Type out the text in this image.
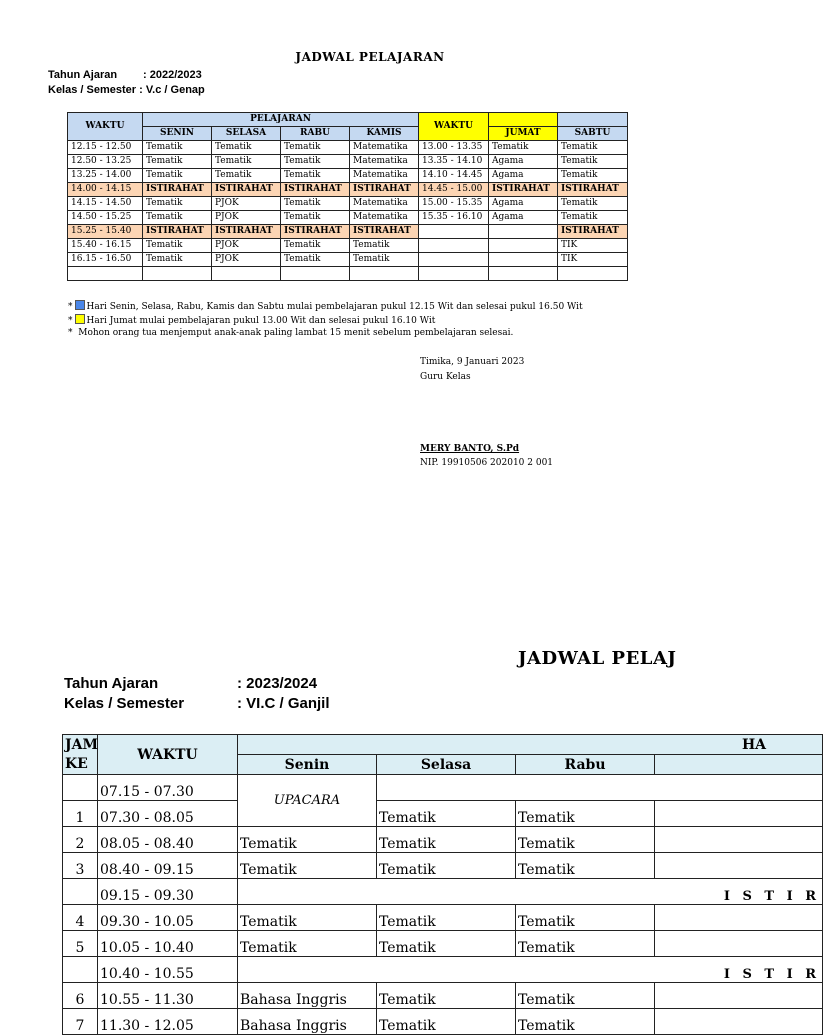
JADWAL PELAJARAN
Tahun Ajaran : 2022/2023
Kelas / Semester : V.c / Genap
WAKTU	PELAJARAN				WAKTU		
	SENIN	SELASA	RABU	KAMIS		JUMAT	SABTU
12.15 - 12.50	Tematik	Tematik	Tematik	Matematika	13.00 - 13.35	Tematik	Tematik
12.50 - 13.25	Tematik	Tematik	Tematik	Matematika	13.35 - 14.10	Agama	Tematik
13.25 - 14.00	Tematik	Tematik	Tematik	Matematika	14.10 - 14.45	Agama	Tematik
14.00 - 14.15	ISTIRAHAT	ISTIRAHAT	ISTIRAHAT	ISTIRAHAT	14.45 - 15.00	ISTIRAHAT	ISTIRAHAT
14.15 - 14.50	Tematik	PJOK	Tematik	Matematika	15.00 - 15.35	Agama	Tematik
14.50 - 15.25	Tematik	PJOK	Tematik	Matematika	15.35 - 16.10	Agama	Tematik
15.25 - 15.40	ISTIRAHAT	ISTIRAHAT	ISTIRAHAT	ISTIRAHAT			ISTIRAHAT
15.40 - 16.15	Tematik	PJOK	Tematik	Tematik			TIK
16.15 - 16.50	Tematik	PJOK	Tematik	Tematik			TIK

* Hari Senin, Selasa, Rabu, Kamis dan Sabtu mulai pembelajaran pukul 12.15 Wit dan selesai pukul 16.50 Wit
* Hari Jumat mulai pembelajaran pukul 13.00 Wit dan selesai pukul 16.10 Wit
* Mohon orang tua menjemput anak-anak paling lambat 15 menit sebelum pembelajaran selesai.
Timika, 9 Januari 2023
Guru Kelas
MERY BANTO, S.Pd
NIP. 19910506 202010 2 001
JADWAL PELAJ
Tahun Ajaran	: 2023/2024
Kelas / Semester	: VI.C / Ganjil
JAM KE	WAKTU	HA			
		Senin	Selasa	Rabu	
	07.15 - 07.30	UPACARA			
1	07.30 - 08.05		Tematik	Tematik	
2	08.05 - 08.40	Tematik	Tematik	Tematik	
3	08.40 - 09.15	Tematik	Tematik	Tematik	
	09.15 - 09.30	I S T I R			
4	09.30 - 10.05	Tematik	Tematik	Tematik	
5	10.05 - 10.40	Tematik	Tematik	Tematik	
	10.40 - 10.55	I S T I R			
6	10.55 - 11.30	Bahasa Inggris	Tematik	Tematik	
7	11.30 - 12.05	Bahasa Inggris	Tematik	Tematik	
